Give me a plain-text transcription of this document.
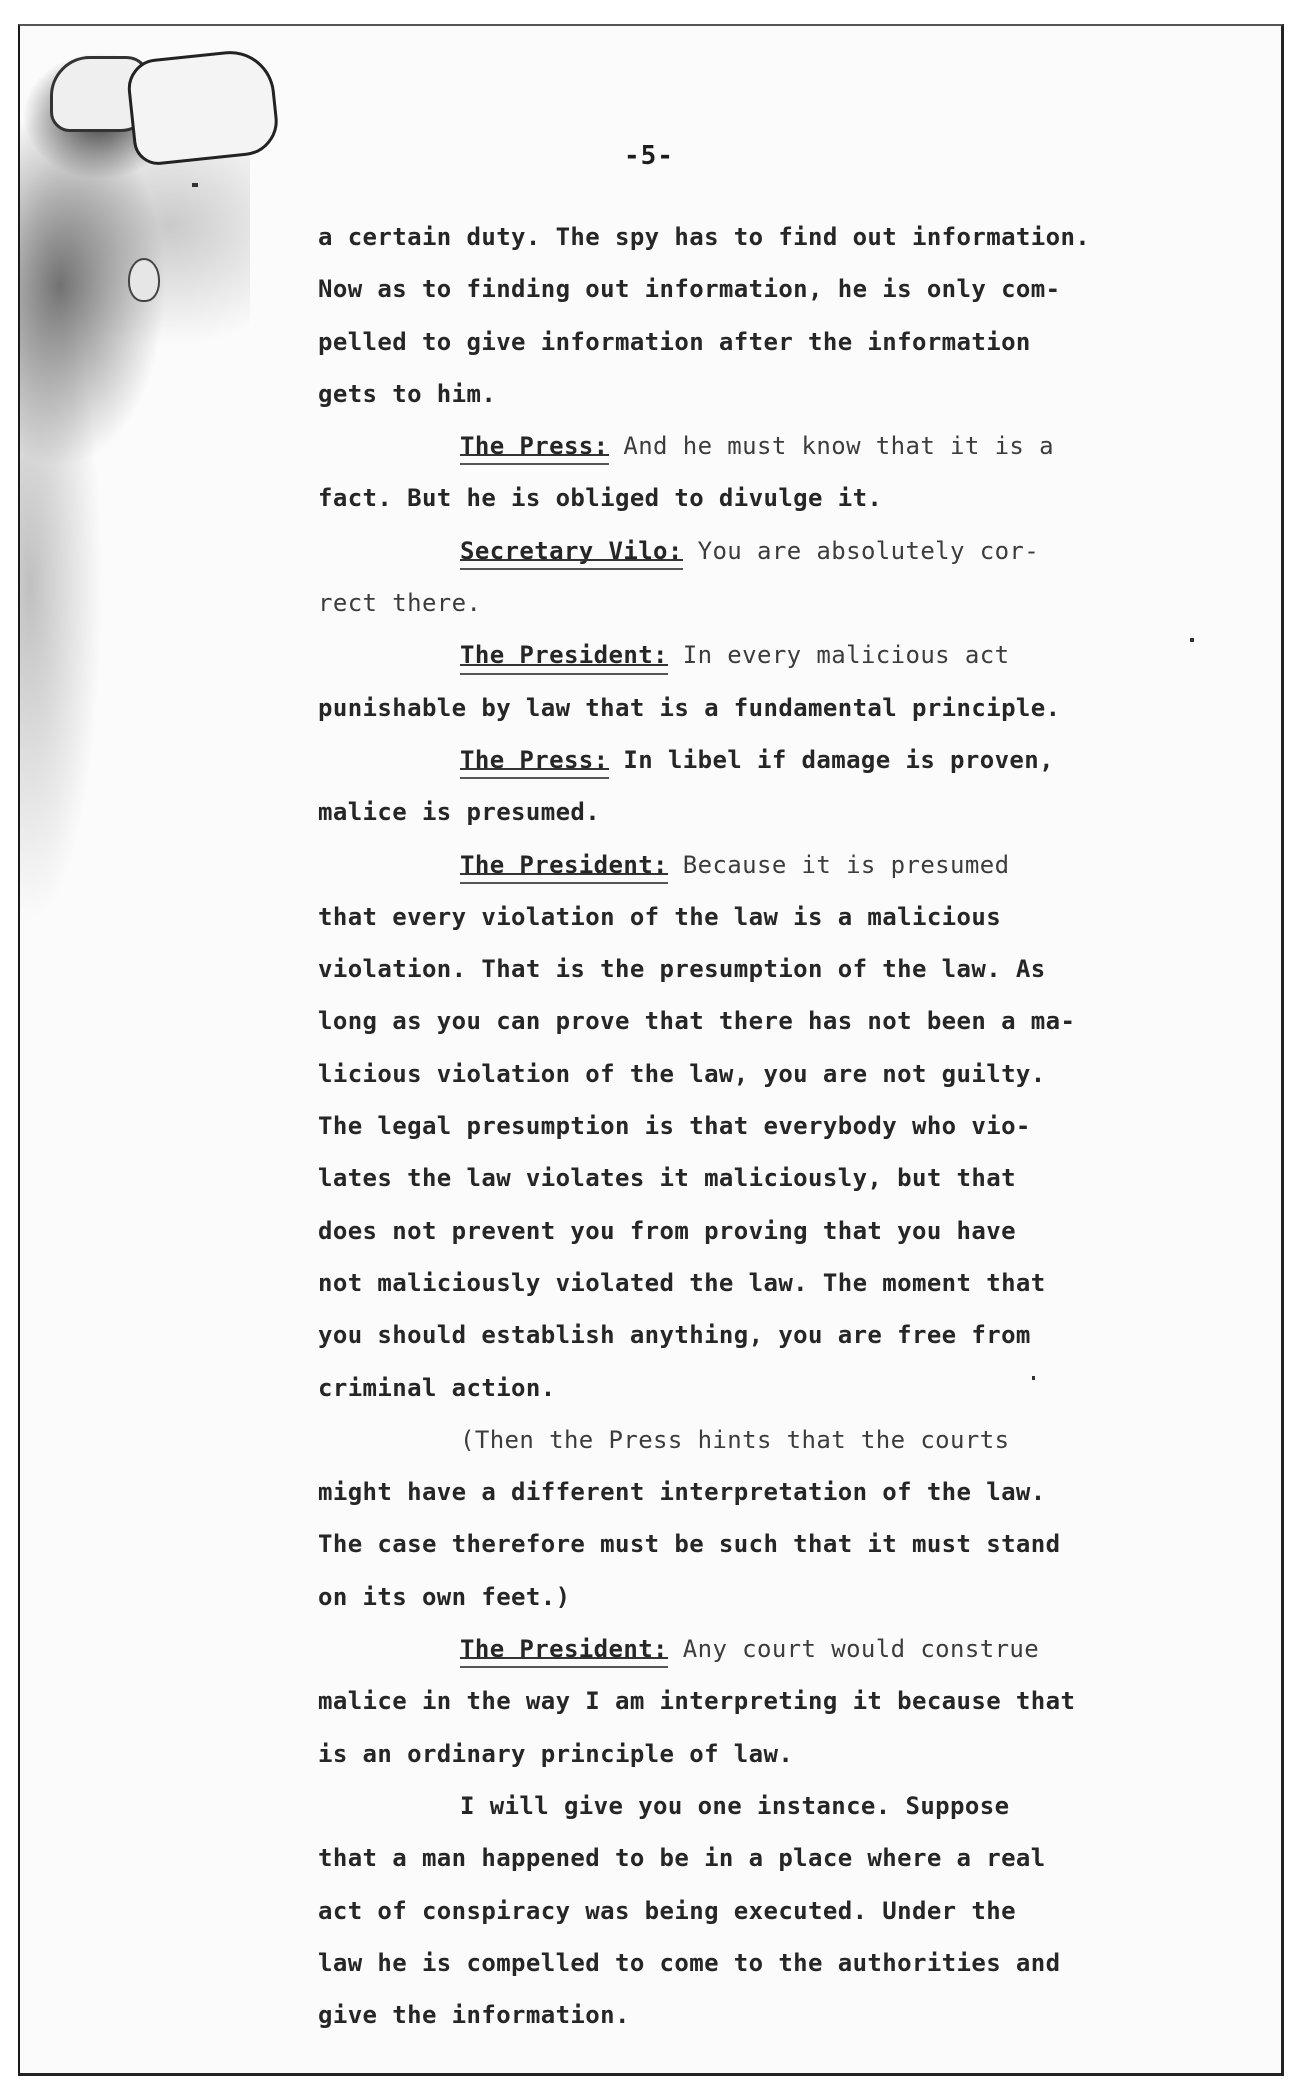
-5-
a certain duty. The spy has to find out information.
Now as to finding out information, he is only com-
pelled to give information after the information
gets to him.
The Press: And he must know that it is a
fact. But he is obliged to divulge it.
Secretary Vilo: You are absolutely cor-
rect there.
The President: In every malicious act
punishable by law that is a fundamental principle.
The Press: In libel if damage is proven,
malice is presumed.
The President: Because it is presumed
that every violation of the law is a malicious
violation. That is the presumption of the law. As
long as you can prove that there has not been a ma-
licious violation of the law, you are not guilty.
The legal presumption is that everybody who vio-
lates the law violates it maliciously, but that
does not prevent you from proving that you have
not maliciously violated the law. The moment that
you should establish anything, you are free from
criminal action.
(Then the Press hints that the courts
might have a different interpretation of the law.
The case therefore must be such that it must stand
on its own feet.)
The President: Any court would construe
malice in the way I am interpreting it because that
is an ordinary principle of law.
I will give you one instance. Suppose
that a man happened to be in a place where a real
act of conspiracy was being executed. Under the
law he is compelled to come to the authorities and
give the information.
